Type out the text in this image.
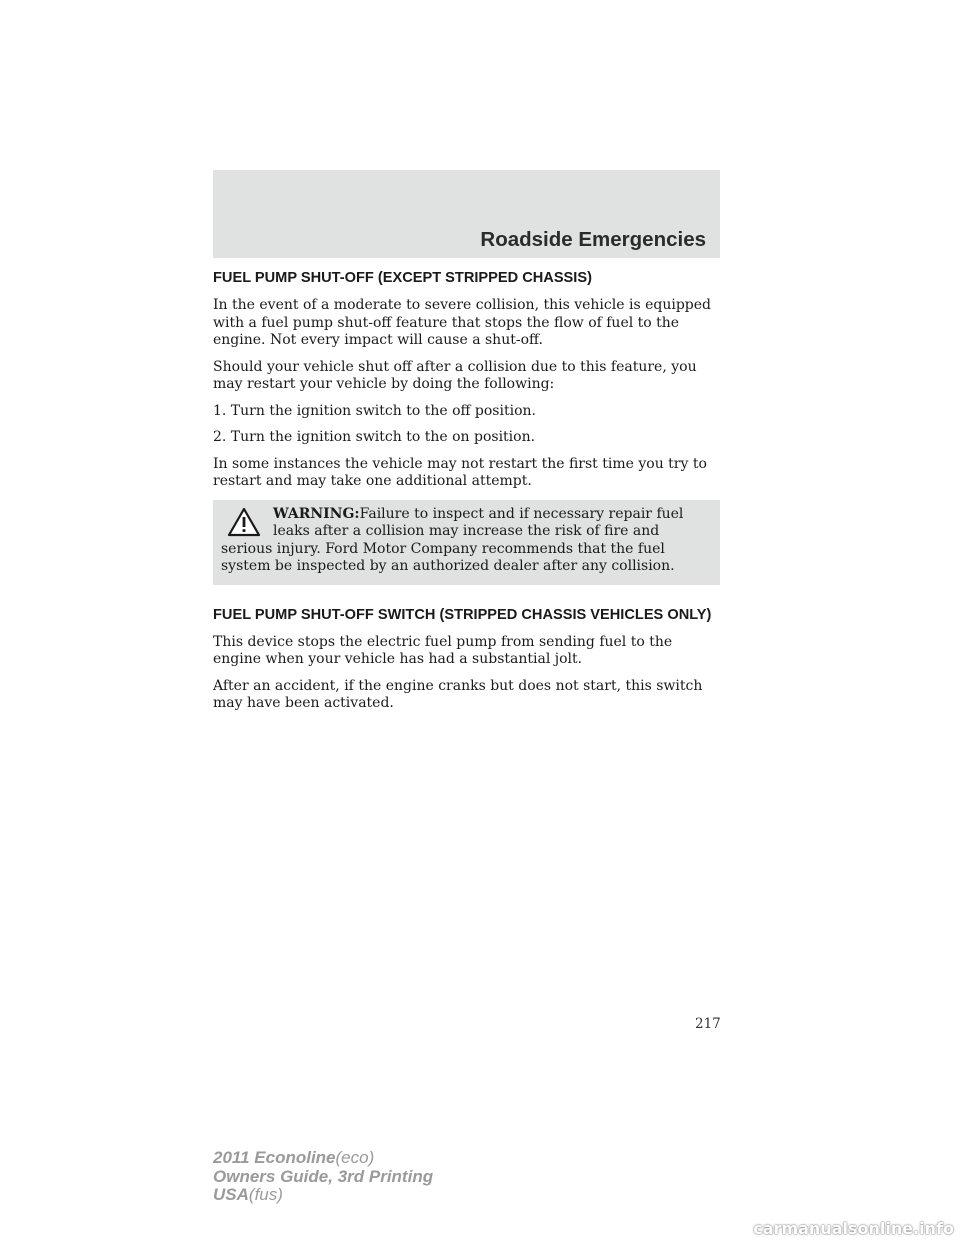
Roadside Emergencies
FUEL PUMP SHUT-OFF (EXCEPT STRIPPED CHASSIS)

In the event of a moderate to severe collision, this vehicle is equipped with a fuel pump shut-off feature that stops the flow of fuel to the engine. Not every impact will cause a shut-off.

Should your vehicle shut off after a collision due to this feature, you may restart your vehicle by doing the following:

1. Turn the ignition switch to the off position.

2. Turn the ignition switch to the on position.

In some instances the vehicle may not restart the first time you try to restart and may take one additional attempt.

WARNING:Failure to inspect and if necessary repair fuel leaks after a collision may increase the risk of fire and serious injury. Ford Motor Company recommends that the fuel system be inspected by an authorized dealer after any collision.

FUEL PUMP SHUT-OFF SWITCH (STRIPPED CHASSIS VEHICLES ONLY)

This device stops the electric fuel pump from sending fuel to the engine when your vehicle has had a substantial jolt.

After an accident, if the engine cranks but does not start, this switch may have been activated.

217
2011 Econoline(eco)
Owners Guide, 3rd Printing
USA(fus)
carmanualsonline.info
